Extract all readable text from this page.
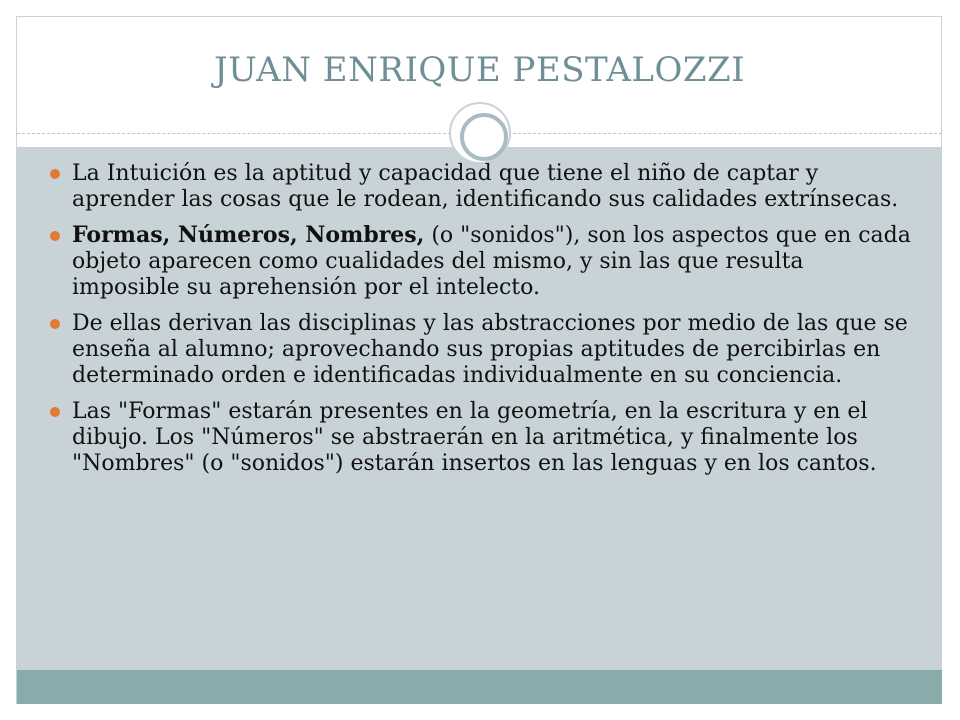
JUAN ENRIQUE PESTALOZZI
La Intuición es la aptitud y capacidad que tiene el niño de captar y aprender las cosas que le rodean, identificando sus calidades extrínsecas.
Formas, Números, Nombres, (o "sonidos"), son los aspectos que en cada objeto aparecen como cualidades del mismo, y sin las que resulta imposible su aprehensión por el intelecto.
De ellas derivan las disciplinas y las abstracciones por medio de las que se enseña al alumno; aprovechando sus propias aptitudes de percibirlas en determinado orden e identificadas individualmente en su conciencia.
Las "Formas" estarán presentes en la geometría, en la escritura y en el dibujo. Los "Números" se abstraerán en la aritmética, y finalmente los "Nombres" (o "sonidos") estarán insertos en las lenguas y en los cantos.
